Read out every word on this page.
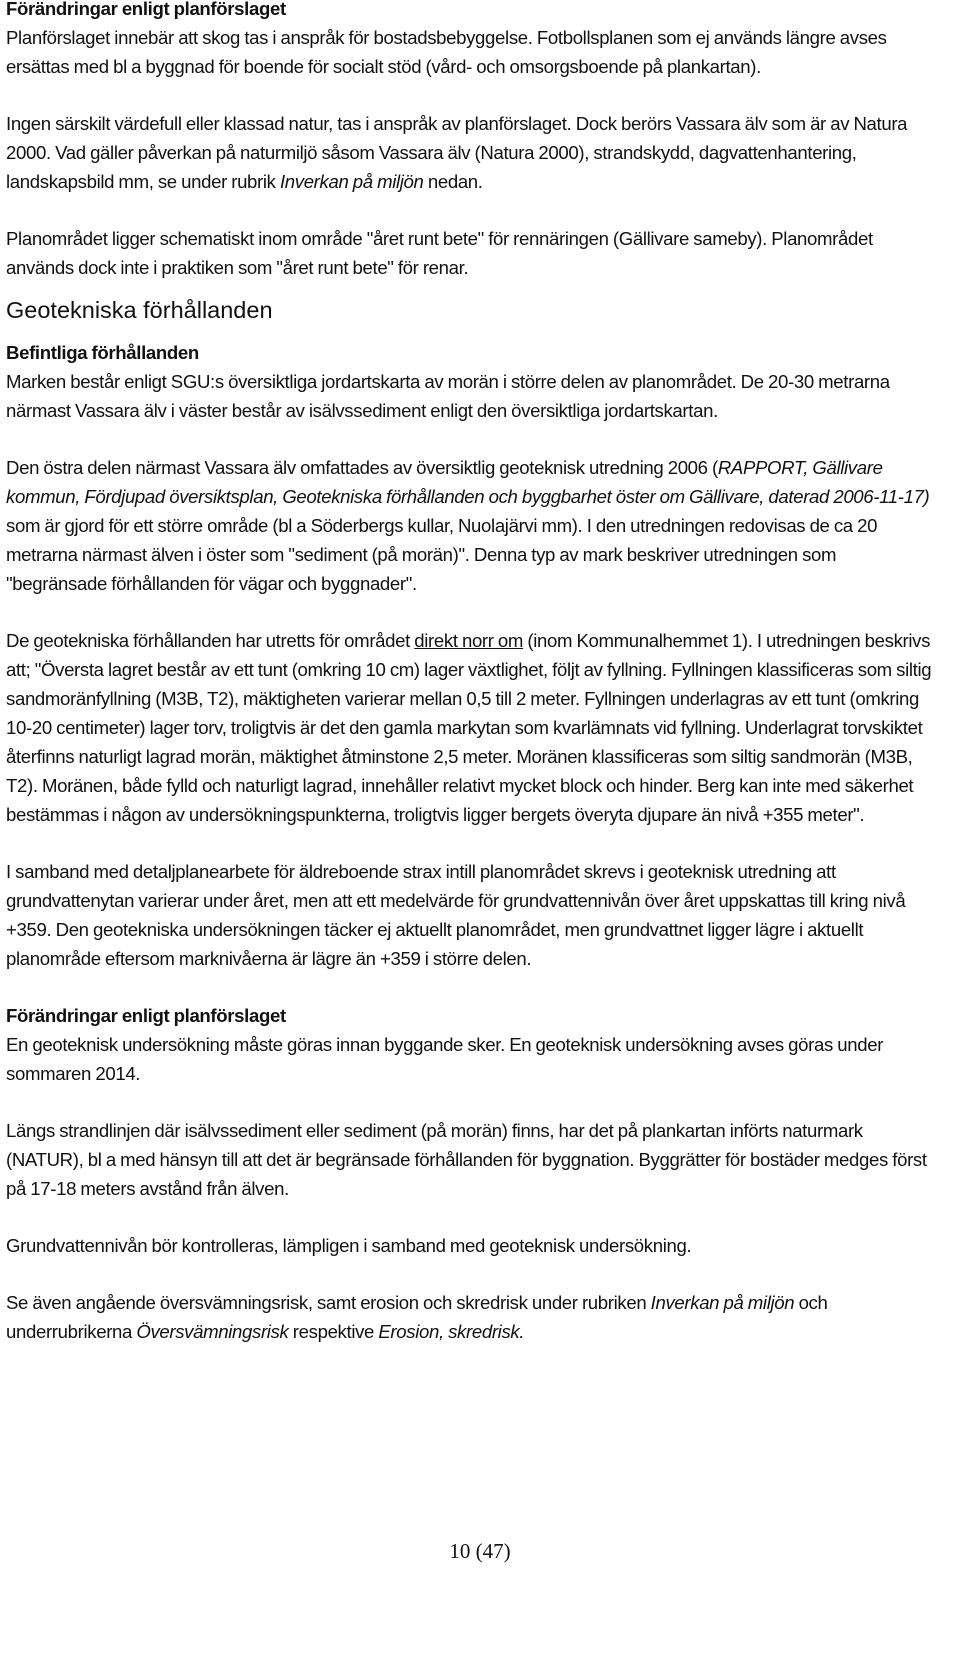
Förändringar enligt planförslaget

Planförslaget innebär att skog tas i anspråk för bostadsbebyggelse. Fotbollsplanen som ej används längre avses ersättas med bl a byggnad för boende för socialt stöd (vård- och omsorgsboende på plankartan).

Ingen särskilt värdefull eller klassad natur, tas i anspråk av planförslaget. Dock berörs Vassara älv som är av Natura 2000. Vad gäller påverkan på naturmiljö såsom Vassara älv (Natura 2000), strandskydd, dagvattenhantering, landskapsbild mm, se under rubrik Inverkan på miljön nedan.

Planområdet ligger schematiskt inom område "året runt bete" för rennäringen (Gällivare sameby). Planområdet används dock inte i praktiken som "året runt bete" för renar.

Geotekniska förhållanden
Befintliga förhållanden

Marken består enligt SGU:s översiktliga jordartskarta av morän i större delen av planområdet. De 20-30 metrarna närmast Vassara älv i väster består av isälvssediment enligt den översiktliga jordartskartan.

Den östra delen närmast Vassara älv omfattades av översiktlig geoteknisk utredning 2006 (RAPPORT, Gällivare kommun, Fördjupad översiktsplan, Geotekniska förhållanden och byggbarhet öster om Gällivare, daterad 2006-11-17) som är gjord för ett större område (bl a Söderbergs kullar, Nuolajärvi mm). I den utredningen redovisas de ca 20 metrarna närmast älven i öster som "sediment (på morän)". Denna typ av mark beskriver utredningen som "begränsade förhållanden för vägar och byggnader".

De geotekniska förhållanden har utretts för området direkt norr om (inom Kommunalhemmet 1). I utredningen beskrivs att; "Översta lagret består av ett tunt (omkring 10 cm) lager växtlighet, följt av fyllning. Fyllningen klassificeras som siltig sandmoränfyllning (M3B, T2), mäktigheten varierar mellan 0,5 till 2 meter. Fyllningen underlagras av ett tunt (omkring 10-20 centimeter) lager torv, troligtvis är det den gamla markytan som kvarlämnats vid fyllning. Underlagrat torvskiktet återfinns naturligt lagrad morän, mäktighet åtminstone 2,5 meter. Moränen klassificeras som siltig sandmorän (M3B, T2). Moränen, både fylld och naturligt lagrad, innehåller relativt mycket block och hinder. Berg kan inte med säkerhet bestämmas i någon av undersökningspunkterna, troligtvis ligger bergets överyta djupare än nivå +355 meter".

I samband med detaljplanearbete för äldreboende strax intill planområdet skrevs i geoteknisk utredning att grundvattenytan varierar under året, men att ett medelvärde för grundvattennivån över året uppskattas till kring nivå +359. Den geotekniska undersökningen täcker ej aktuellt planområdet, men grundvattnet ligger lägre i aktuellt planområde eftersom marknivåerna är lägre än +359 i större delen.

Förändringar enligt planförslaget

En geoteknisk undersökning måste göras innan byggande sker. En geoteknisk undersökning avses göras under sommaren 2014.

Längs strandlinjen där isälvssediment eller sediment (på morän) finns, har det på plankartan införts naturmark (NATUR), bl a med hänsyn till att det är begränsade förhållanden för byggnation. Byggrätter för bostäder medges först på 17-18 meters avstånd från älven.

Grundvattennivån bör kontrolleras, lämpligen i samband med geoteknisk undersökning.

Se även angående översvämningsrisk, samt erosion och skredrisk under rubriken Inverkan på miljön och underrubrikerna Översvämningsrisk respektive Erosion, skredrisk.

10 (47)
